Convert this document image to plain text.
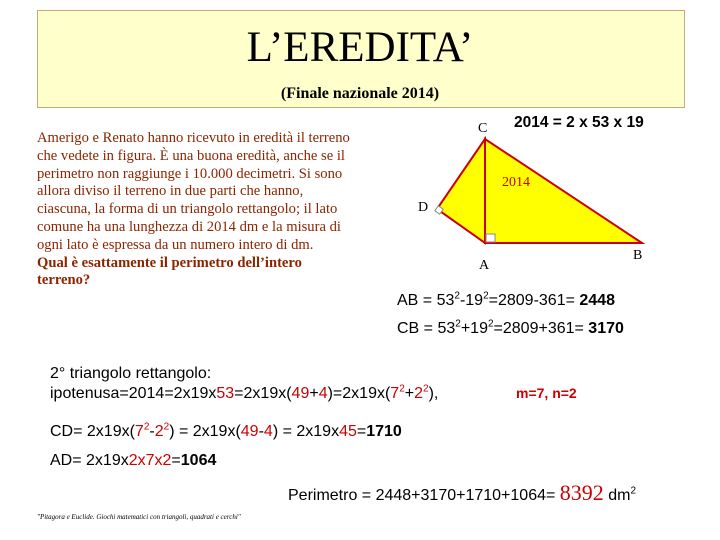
L’EREDITA’
(Finale nazionale 2014)
Amerigo e Renato hanno ricevuto in eredità il terreno che vedete in figura. È una buona eredità, anche se il perimetro non raggiunge i 10.000 decimetri. Si sono allora diviso il terreno in due parti che hanno, ciascuna, la forma di un triangolo rettangolo; il lato comune ha una lunghezza di 2014 dm e la misura di ogni lato è espressa da un numero intero di dm.
Qual è esattamente il perimetro dell’intero terreno?
2014 = 2 x 53 x 19
C
D
A
B
2014
AB = $53^2-19^2=2809-361= 2448$
CB = $53^2+19^2=2809+361= 3170$
2° triangolo rettangolo:
$ipotenusa=2014=2x19x53=2x19x(49+4)=2x19x(7^2+2^2)$,	m=7, n=2
$CD= 2x19x(7^2-2^2) = 2x19x(49-4) = 2x19x45=1710$
AD= 2x19x2x7x2=1064
Perimetro = 2448+3170+1710+1064= 8392 $dm^2$
"Pitagora e Euclide. Giochi matematici con triangoli, quadrati e cerchi"
